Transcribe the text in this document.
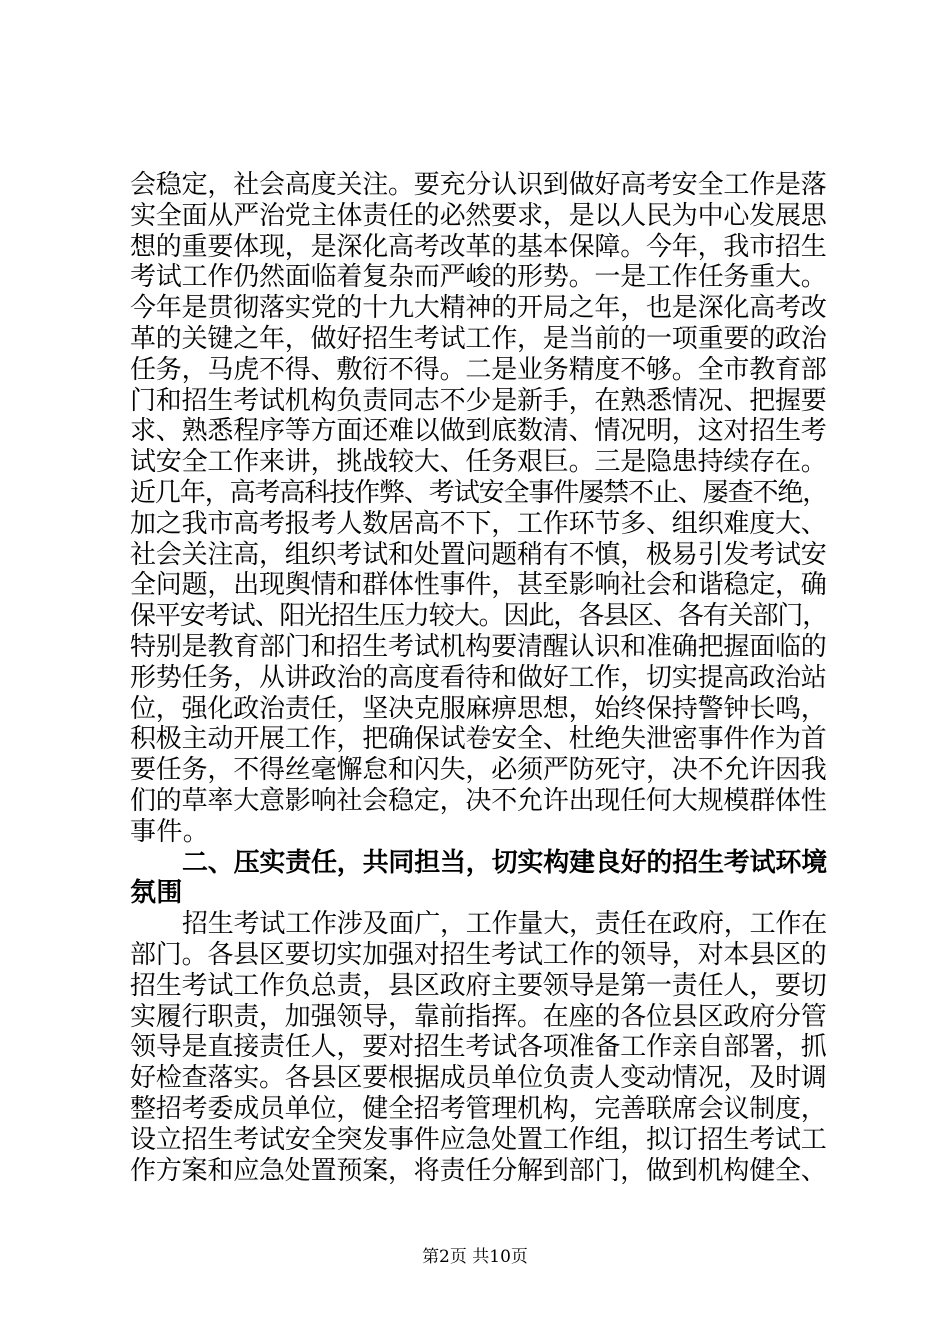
会稳定，社会高度关注。要充分认识到做好高考安全工作是落
实全面从严治党主体责任的必然要求，是以人民为中心发展思
想的重要体现，是深化高考改革的基本保障。今年，我市招生
考试工作仍然面临着复杂而严峻的形势。一是工作任务重大。
今年是贯彻落实党的十九大精神的开局之年，也是深化高考改
革的关键之年，做好招生考试工作，是当前的一项重要的政治
任务，马虎不得、敷衍不得。二是业务精度不够。全市教育部
门和招生考试机构负责同志不少是新手，在熟悉情况、把握要
求、熟悉程序等方面还难以做到底数清、情况明，这对招生考
试安全工作来讲，挑战较大、任务艰巨。三是隐患持续存在。
近几年，高考高科技作弊、考试安全事件屡禁不止、屡查不绝，
加之我市高考报考人数居高不下，工作环节多、组织难度大、
社会关注高，组织考试和处置问题稍有不慎，极易引发考试安
全问题，出现舆情和群体性事件，甚至影响社会和谐稳定，确
保平安考试、阳光招生压力较大。因此，各县区、各有关部门，
特别是教育部门和招生考试机构要清醒认识和准确把握面临的
形势任务，从讲政治的高度看待和做好工作，切实提高政治站
位，强化政治责任，坚决克服麻痹思想，始终保持警钟长鸣，
积极主动开展工作，把确保试卷安全、杜绝失泄密事件作为首
要任务，不得丝毫懈怠和闪失，必须严防死守，决不允许因我
们的草率大意影响社会稳定，决不允许出现任何大规模群体性
事件。
二、压实责任，共同担当，切实构建良好的招生考试环境
氛围
招生考试工作涉及面广，工作量大，责任在政府，工作在
部门。各县区要切实加强对招生考试工作的领导，对本县区的
招生考试工作负总责，县区政府主要领导是第一责任人，要切
实履行职责，加强领导，靠前指挥。在座的各位县区政府分管
领导是直接责任人，要对招生考试各项准备工作亲自部署，抓
好检查落实。各县区要根据成员单位负责人变动情况，及时调
整招考委成员单位，健全招考管理机构，完善联席会议制度，
设立招生考试安全突发事件应急处置工作组，拟订招生考试工
作方案和应急处置预案，将责任分解到部门，做到机构健全、
第2页 共10页
